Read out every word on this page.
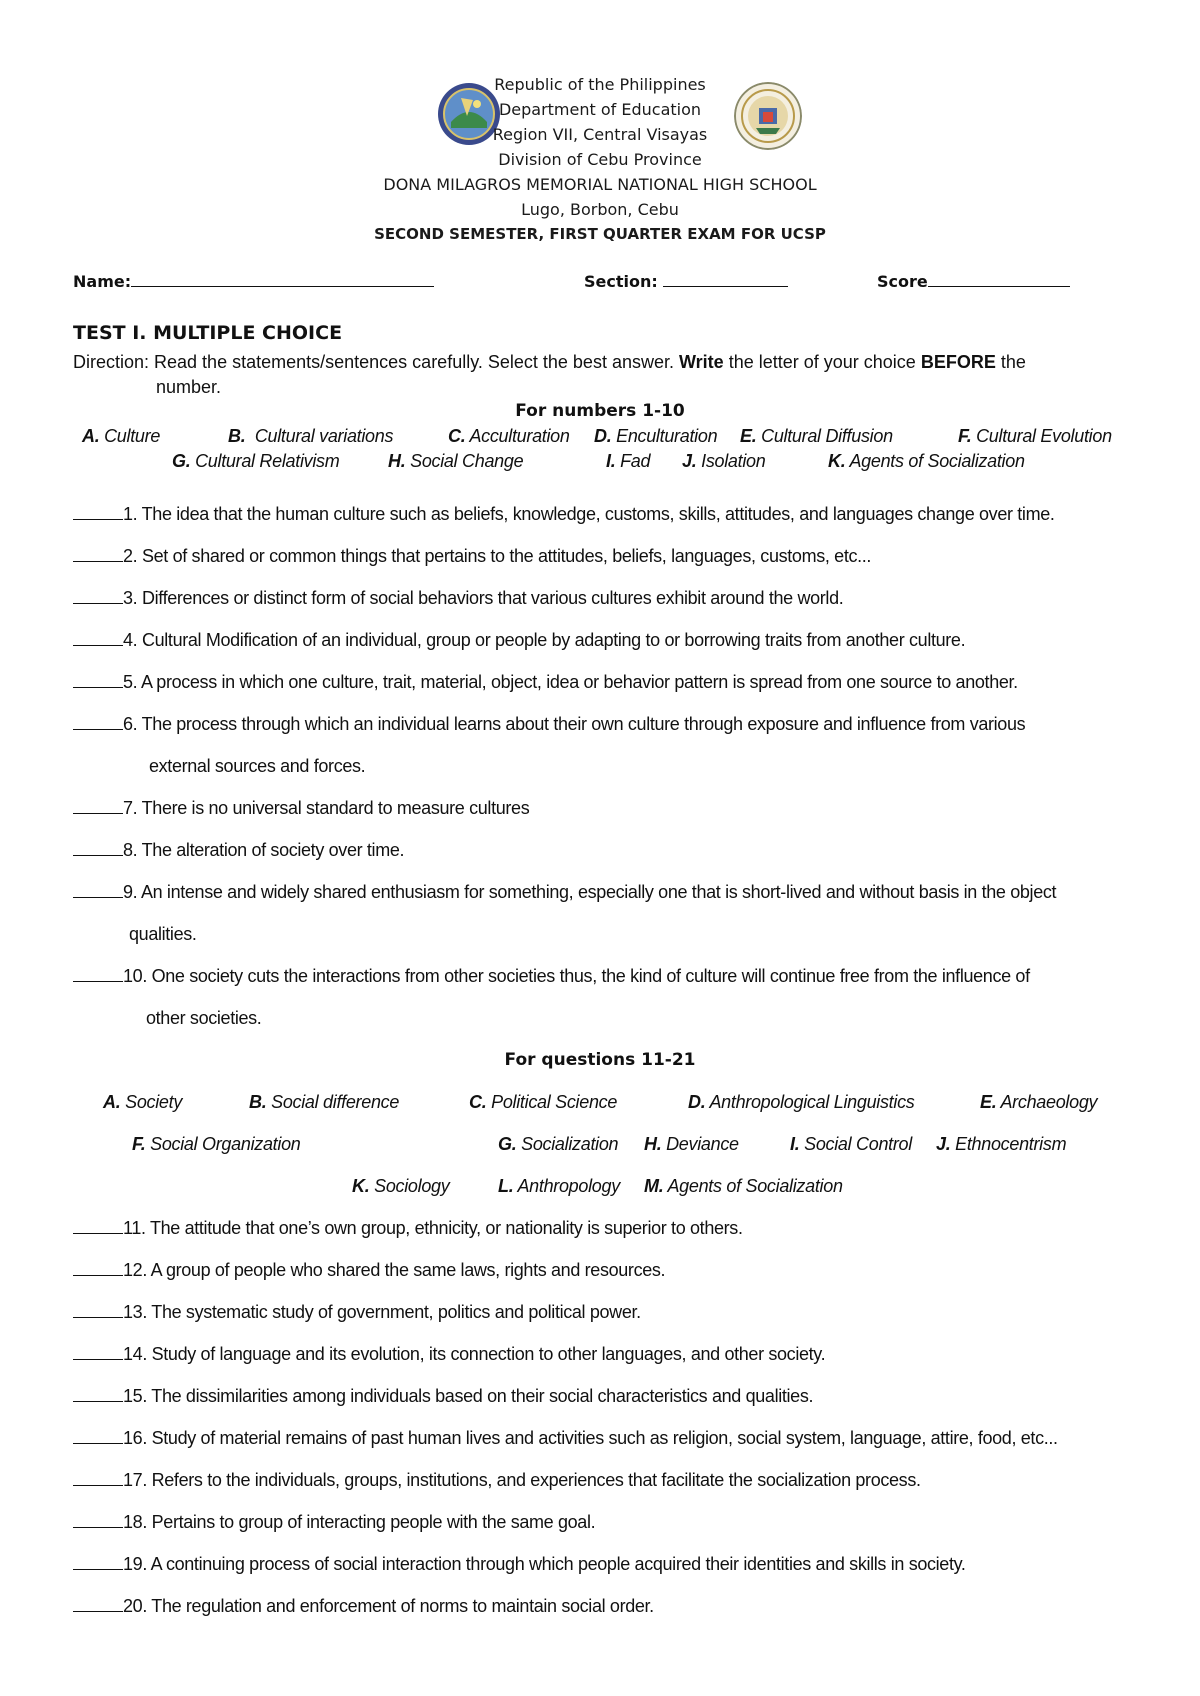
Republic of the Philippines
Department of Education
Region VII, Central Visayas
Division of Cebu Province
DONA MILAGROS MEMORIAL NATIONAL HIGH SCHOOL
Lugo, Borbon, Cebu
SECOND SEMESTER, FIRST QUARTER EXAM FOR UCSP
Name:	Section:	Score
TEST I. MULTIPLE CHOICE
Direction: Read the statements/sentences carefully. Select the best answer. Write the letter of your choice BEFORE the
number.
For numbers 1-10
A. Culture	B. Cultural variations	C. Acculturation D. Enculturation E. Cultural Diffusion	F. Cultural Evolution
G. Cultural Relativism	H. Social Change	I. Fad J. Isolation	K. Agents of Socialization
1. The idea that the human culture such as beliefs, knowledge, customs, skills, attitudes, and languages change over time.
2. Set of shared or common things that pertains to the attitudes, beliefs, languages, customs, etc...
3. Differences or distinct form of social behaviors that various cultures exhibit around the world.
4. Cultural Modification of an individual, group or people by adapting to or borrowing traits from another culture.
5. A process in which one culture, trait, material, object, idea or behavior pattern is spread from one source to another.
6. The process through which an individual learns about their own culture through exposure and influence from various
external sources and forces.
7. There is no universal standard to measure cultures
8. The alteration of society over time.
9. An intense and widely shared enthusiasm for something, especially one that is short-lived and without basis in the object
qualities.
10. One society cuts the interactions from other societies thus, the kind of culture will continue free from the influence of
other societies.
For questions 11-21
A. Society	B. Social difference	C. Political Science	D. Anthropological Linguistics	E. Archaeology
F. Social Organization	G. Socialization H. Deviance	I. Social Control J. Ethnocentrism
K. Sociology	L. Anthropology M. Agents of Socialization
11. The attitude that one’s own group, ethnicity, or nationality is superior to others.
12. A group of people who shared the same laws, rights and resources.
13. The systematic study of government, politics and political power.
14. Study of language and its evolution, its connection to other languages, and other society.
15. The dissimilarities among individuals based on their social characteristics and qualities.
16. Study of material remains of past human lives and activities such as religion, social system, language, attire, food, etc...
17. Refers to the individuals, groups, institutions, and experiences that facilitate the socialization process.
18. Pertains to group of interacting people with the same goal.
19. A continuing process of social interaction through which people acquired their identities and skills in society.
20. The regulation and enforcement of norms to maintain social order.
